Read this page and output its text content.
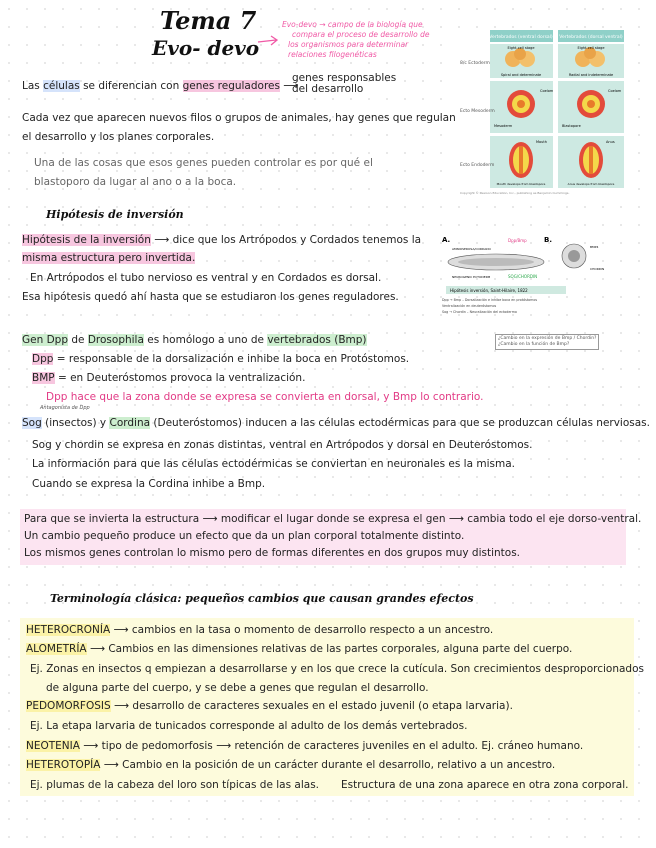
Tema 7
Evo- devo
Evo-devo → campo de la biología que
compara el proceso de desarrollo de
los organismos para determinar
relaciones filogenéticas
Las células se diferencian con genes reguladores ⟶
genes responsables
del desarrollo
Cada vez que aparecen nuevos filos o grupos de animales, hay genes que regulan
el desarrollo y los planes corporales.
Una de las cosas que esos genes pueden controlar es por qué el
blastoporo da lugar al ano o a la boca.
Vertebrados (ventral dorsal) Vertebrados (dorsal ventral)
8/c Ectoderm
Ecto Mesoderm
Ecto Endoderm
Eight-cell stage	Eight-cell stage
Spiral and determinate	Radial and indeterminate
Coelom	Coelom
Mesoderm	Blastopore
Mouth	Anus
Mouth develops from blastopore	Anus develops from blastopore
Copyright © Pearson Education, Inc., publishing as Benjamin Cummings.
Hipótesis de inversión
Hipótesis de la inversión ⟶ dice que los Artrópodos y Cordados tenemos la
misma estructura pero invertida.
En Artrópodos el tubo nervioso es ventral y en Cordados es dorsal.
Esa hipótesis quedó ahí hasta que se estudiaron los genes reguladores.
A.	B.
Dpp/Bmp
AMNIOSEROSA/CORDADO
NEUROGENIC ECTODERM	SOG/CHORDIN
BMP4
CHORDIN
Hipótesis inversión, Saint-Hilaire, 1822
Dpp → Bmp – Dorsalización e inhibe boca en protóstomos
Ventralización en deuteróstomos
Sog → Chordin – Neuralización del ectodermo
¿Cambio en la expresión de Bmp / Chordin?
¿Cambio en la función de Bmp?
Gen Dpp de Drosophila es homólogo a uno de vertebrados (Bmp)
Dpp = responsable de la dorsalización e inhibe la boca en Protóstomos.
BMP = en Deuteróstomos provoca la ventralización.
Dpp hace que la zona donde se expresa se convierta en dorsal, y Bmp lo contrario.
Antagonista de Dpp
Sog (insectos) y Cordina (Deuteróstomos) inducen a las células ectodérmicas para que se produzcan células nerviosas.
Sog y chordin se expresa en zonas distintas, ventral en Artrópodos y dorsal en Deuteróstomos.
La información para que las células ectodérmicas se conviertan en neuronales es la misma.
Cuando se expresa la Cordina inhibe a Bmp.
Para que se invierta la estructura ⟶ modificar el lugar donde se expresa el gen ⟶ cambia todo el eje dorso-ventral.
Un cambio pequeño produce un efecto que da un plan corporal totalmente distinto.
Los mismos genes controlan lo mismo pero de formas diferentes en dos grupos muy distintos.
Terminología clásica: pequeños cambios que causan grandes efectos
HETEROCRONÍA ⟶ cambios en la tasa o momento de desarrollo respecto a un ancestro.
ALOMETRÍA ⟶ Cambios en las dimensiones relativas de las partes corporales, alguna parte del cuerpo.
Ej. Zonas en insectos q empiezan a desarrollarse y en los que crece la cutícula. Son crecimientos desproporcionados
de alguna parte del cuerpo, y se debe a genes que regulan el desarrollo.
PEDOMORFOSIS ⟶ desarrollo de caracteres sexuales en el estado juvenil (o etapa larvaria).
Ej. La etapa larvaria de tunicados corresponde al adulto de los demás vertebrados.
NEOTENIA ⟶ tipo de pedomorfosis ⟶ retención de caracteres juveniles en el adulto. Ej. cráneo humano.
HETEROTOPÍA ⟶ Cambio en la posición de un carácter durante el desarrollo, relativo a un ancestro.
Ej. plumas de la cabeza del loro son típicas de las alas. Estructura de una zona aparece en otra zona corporal.
